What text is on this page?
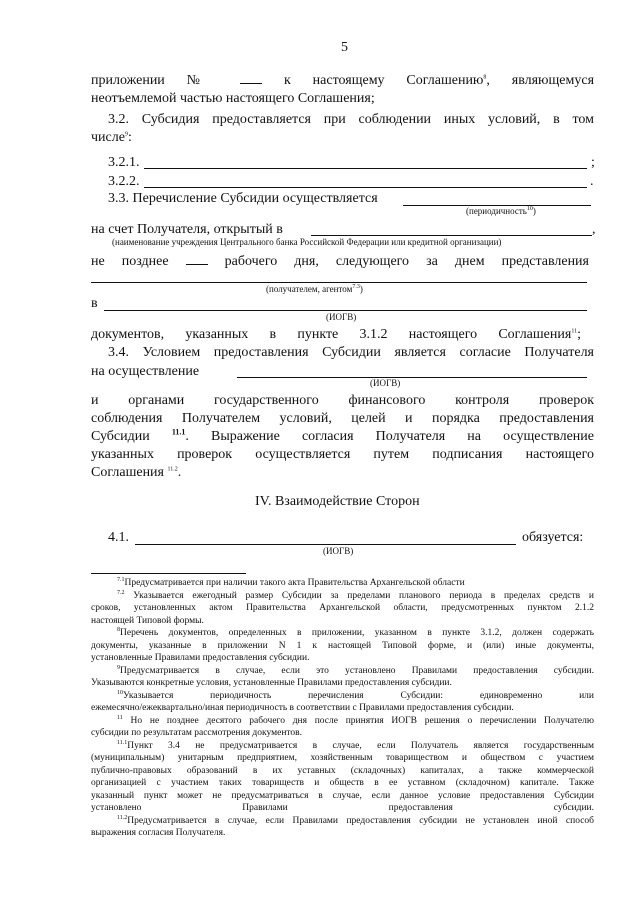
5
приложении №	к настоящему Соглашению$^8$, являющемуся
неотъемлемой частью настоящего Соглашения;
3.2. Субсидия предоставляется при соблюдении иных условий, в том
числе$^9$:
3.2.1.	;
3.2.2.	.
3.3. Перечисление Субсидии осуществляется
(периодичность$^{10}$)
на счет Получателя, открытый в	,
(наименование учреждения Центрального банка Российской Федерации или кредитной организации)
не позднее	рабочего дня, следующего за днем представления
(получателем, агентом$^{7.3}$)
в
(ИОГВ)
документов, указанных в пункте 3.1.2 настоящего Соглашения$^{11}$;
3.4. Условием предоставления Субсидии является согласие Получателя
на осуществление
(ИОГВ)
и органами государственного финансового контроля проверок
соблюдения Получателем условий, целей и порядка предоставления
Субсидии $^{11.1}$. Выражение согласия Получателя на осуществление
указанных проверок осуществляется путем подписания настоящего
Соглашения $^{11.2}$.
IV. Взаимодействие Сторон
4.1.	обязуется:
(ИОГВ)
$^{7.1}$Предусматривается при наличии такого акта Правительства Архангельской области
$^{7.2}$ Указывается ежегодный размер Субсидии за пределами планового периода в пределах средств и
сроков, установленных актом Правительства Архангельской области, предусмотренных пунктом 2.1.2
настоящей Типовой формы.
$^8$Перечень документов, определенных в приложении, указанном в пункте 3.1.2, должен содержать
документы, указанные в приложении N 1 к настоящей Типовой форме, и (или) иные документы,
установленные Правилами предоставления субсидии.
$^9$Предусматривается в случае, если это установлено Правилами предоставления субсидии.
Указываются конкретные условия, установленные Правилами предоставления субсидии.
$^{10}$Указывается периодичность перечисления Субсидии: единовременно или
ежемесячно/ежеквартально/иная периодичность в соответствии с Правилами предоставления субсидии.
$^{11}$ Но не позднее десятого рабочего дня после принятия ИОГВ решения о перечислении Получателю
субсидии по результатам рассмотрения документов.
$^{11.1}$Пункт 3.4 не предусматривается в случае, если Получатель является государственным
(муниципальным) унитарным предприятием, хозяйственным товариществом и обществом с участием
публично-правовых образований в их уставных (складочных) капиталах, а также коммерческой
организацией с участием таких товариществ и обществ в ее уставном (складочном) капитале. Также
указанный пункт может не предусматриваться в случае, если данное условие предоставления Субсидии
установлено Правилами предоставления субсидии.
$^{11.2}$Предусматривается в случае, если Правилами предоставления субсидии не установлен иной способ
выражения согласия Получателя.
